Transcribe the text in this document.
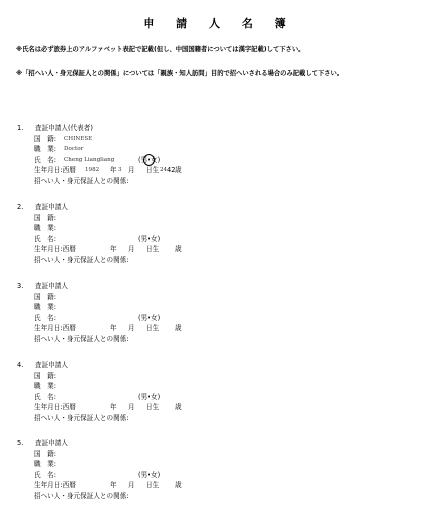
申 請 人 名 簿
※氏名は必ず旅券上のアルファベット表記で記載(但し、中国国籍者については漢字記載)して下さい。
※「招へい人・身元保証人との関係」については「親族・知人訪問」目的で招へいされる場合のみ記載して下さい。
1. 査証申請人(代表者)
国　籍: CHINESE
職　業: Doctor
氏　名: Cheng Liangliang	(男•女)
生年月日:西暦 1982 年 3 月 日生 24 42 歳
招へい人・身元保証人との関係:
2. 査証申請人
国　籍:
職　業:
氏　名:	(男•女)
生年月日:西暦	年 月 日生 歳
招へい人・身元保証人との関係:
3. 査証申請人
国　籍:
職　業:
氏　名:	(男•女)
生年月日:西暦	年 月 日生 歳
招へい人・身元保証人との関係:
4. 査証申請人
国　籍:
職　業:
氏　名:	(男•女)
生年月日:西暦	年 月 日生 歳
招へい人・身元保証人との関係:
5. 査証申請人
国　籍:
職　業:
氏　名:	(男•女)
生年月日:西暦	年 月 日生 歳
招へい人・身元保証人との関係:
